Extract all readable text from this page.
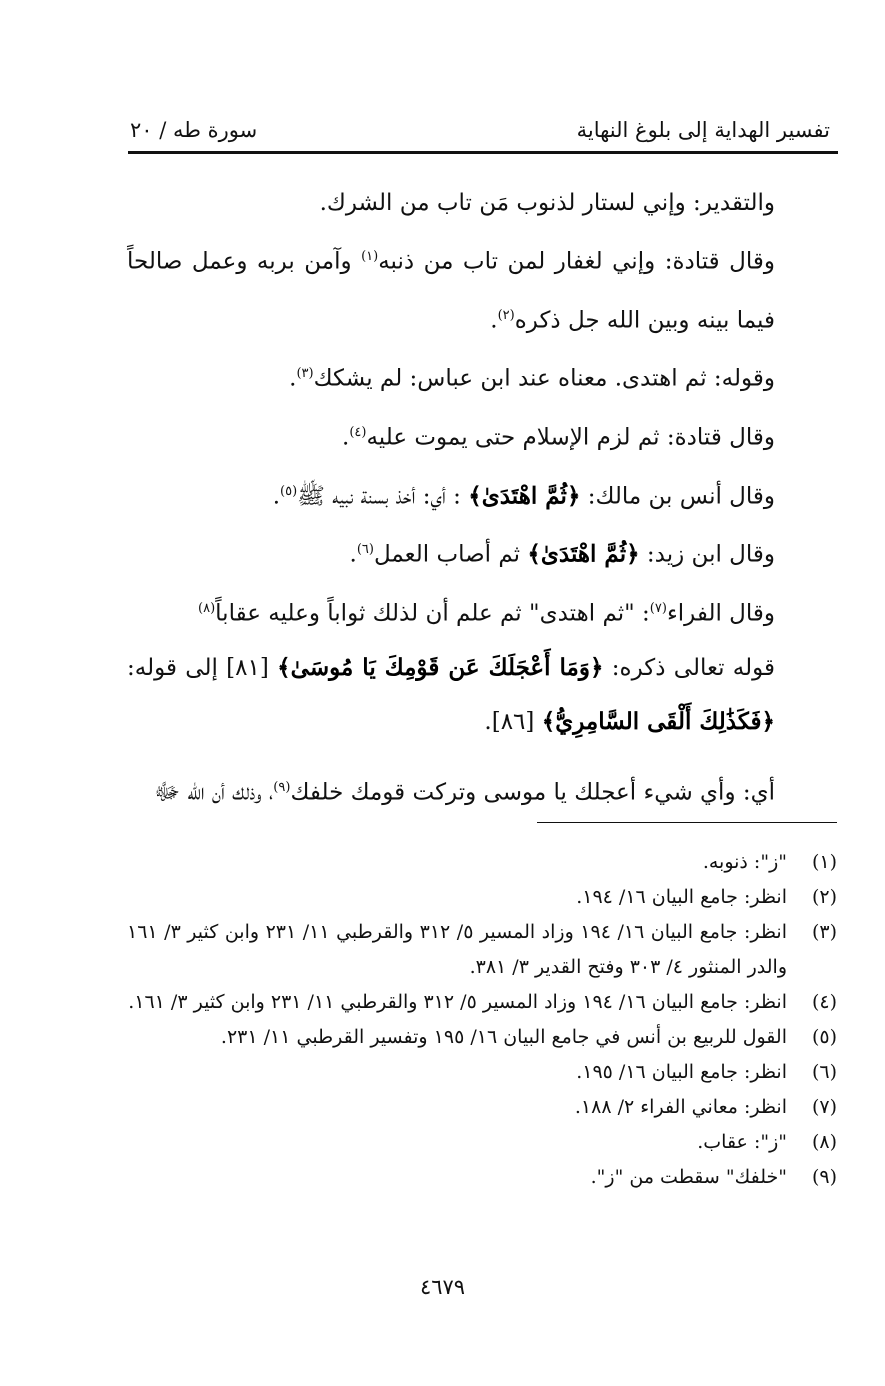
تفسير الهداية إلى بلوغ النهاية
سورة طه / ٢٠

والتقدير: وإني لستار لذنوب مَن تاب من الشرك.

وقال قتادة: وإني لغفار لمن تاب من ذنبه$^{(١)}$ وآمن بربه وعمل صالحاً فيما بينه وبين الله جل ذكره$^{(٢)}$.

وقوله: ثم اهتدى. معناه عند ابن عباس: لم يشكك$^{(٣)}$.

وقال قتادة: ثم لزم الإسلام حتى يموت عليه$^{(٤)}$.

وقال أنس بن مالك: ﴿ثُمَّ اهْتَدَىٰ﴾ : أي: أخذ بسنة نبيه ﷺ$^{(٥)}$.

وقال ابن زيد: ﴿ثُمَّ اهْتَدَىٰ﴾ ثم أصاب العمل$^{(٦)}$.

وقال الفراء$^{(٧)}$: "ثم اهتدى" ثم علم أن لذلك ثواباً وعليه عقاباً$^{(٨)}$

قوله تعالى ذكره: ﴿وَمَا أَعْجَلَكَ عَن قَوْمِكَ يَا مُوسَىٰ﴾ [٨١] إلى قوله: ﴿فَكَذَٰلِكَ أَلْقَى السَّامِرِيُّ﴾ [٨٦].

أي: وأي شيء أعجلك يا موسى وتركت قومك خلفك$^{(٩)}$، وذلك أن الله ﷻ

(١)
"ز": ذنوبه.

(٢)
انظر: جامع البيان ١٦/ ١٩٤.

(٣)
انظر: جامع البيان ١٦/ ١٩٤ وزاد المسير ٥/ ٣١٢ والقرطبي ١١/ ٢٣١ وابن كثير ٣/ ١٦١ والدر المنثور ٤/ ٣٠٣ وفتح القدير ٣/ ٣٨١.

(٤)
انظر: جامع البيان ١٦/ ١٩٤ وزاد المسير ٥/ ٣١٢ والقرطبي ١١/ ٢٣١ وابن كثير ٣/ ١٦١.

(٥)
القول للربيع بن أنس في جامع البيان ١٦/ ١٩٥ وتفسير القرطبي ١١/ ٢٣١.

(٦)
انظر: جامع البيان ١٦/ ١٩٥.

(٧)
انظر: معاني الفراء ٢/ ١٨٨.

(٨)
"ز": عقاب.

(٩)
"خلفك" سقطت من "ز".

٤٦٧٩
